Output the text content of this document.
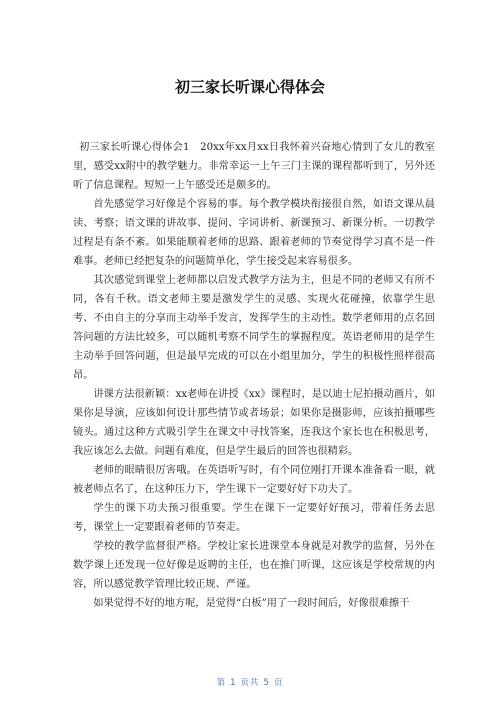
初三家长听课心得体会

初三家长听课心得体会1　20xx年xx月xx日我怀着兴奋地心情到了女儿的教室里，感受xx附中的教学魅力。非常幸运一上午三门主课的课程都听到了，另外还听了信息课程。短短一上午感受还是颇多的。

首先感觉学习好像是个容易的事。每个教学模块衔接很自然，如语文课从晨读、考察；语文课的讲故事、提问、字词讲析、新课预习、新课分析。一切教学过程是有条不紊。如果能顺着老师的思路、跟着老师的节奏觉得学习真不是一件难事。老师已经把复杂的问题简单化，学生接受起来容易很多。

其次感觉到课堂上老师都以启发式教学方法为主，但是不同的老师又有所不同，各有千秋。语文老师主要是激发学生的灵感、实现火花碰撞，依靠学生思考、不由自主的分享而主动举手发言，发挥学生的主动性。数学老师用的点名回答问题的方法比较多，可以随机考察不同学生的掌握程度。英语老师用的是学生主动举手回答问题，但是最早完成的可以在小组里加分，学生的积极性照样很高昂。

讲课方法很新颖：xx老师在讲授《xx》课程时，是以迪士尼拍摄动画片，如果你是导演，应该如何设计那些情节或者场景；如果你是摄影师，应该拍摄哪些镜头。通过这种方式吸引学生在课文中寻找答案，连我这个家长也在积极思考，我应该怎么去做。问题有难度，但是学生最后的回答也很精彩。

老师的眼睛很厉害哦。在英语听写时，有个同位刚打开课本准备看一眼，就被老师点名了，在这种压力下，学生课下一定要好好下功夫了。

学生的课下功夫预习很重要。学生在课下一定要好好预习，带着任务去思考，课堂上一定要跟着老师的节奏走。

学校的教学监督很严格。学校让家长进课堂本身就是对教学的监督，另外在数学课上还发现一位好像是返聘的主任，也在推门听课，这应该是学校常规的内容，所以感觉教学管理比较正规、严谨。

如果觉得不好的地方呢，是觉得“白板”用了一段时间后，好像很难擦干

第 1 页共 5 页
